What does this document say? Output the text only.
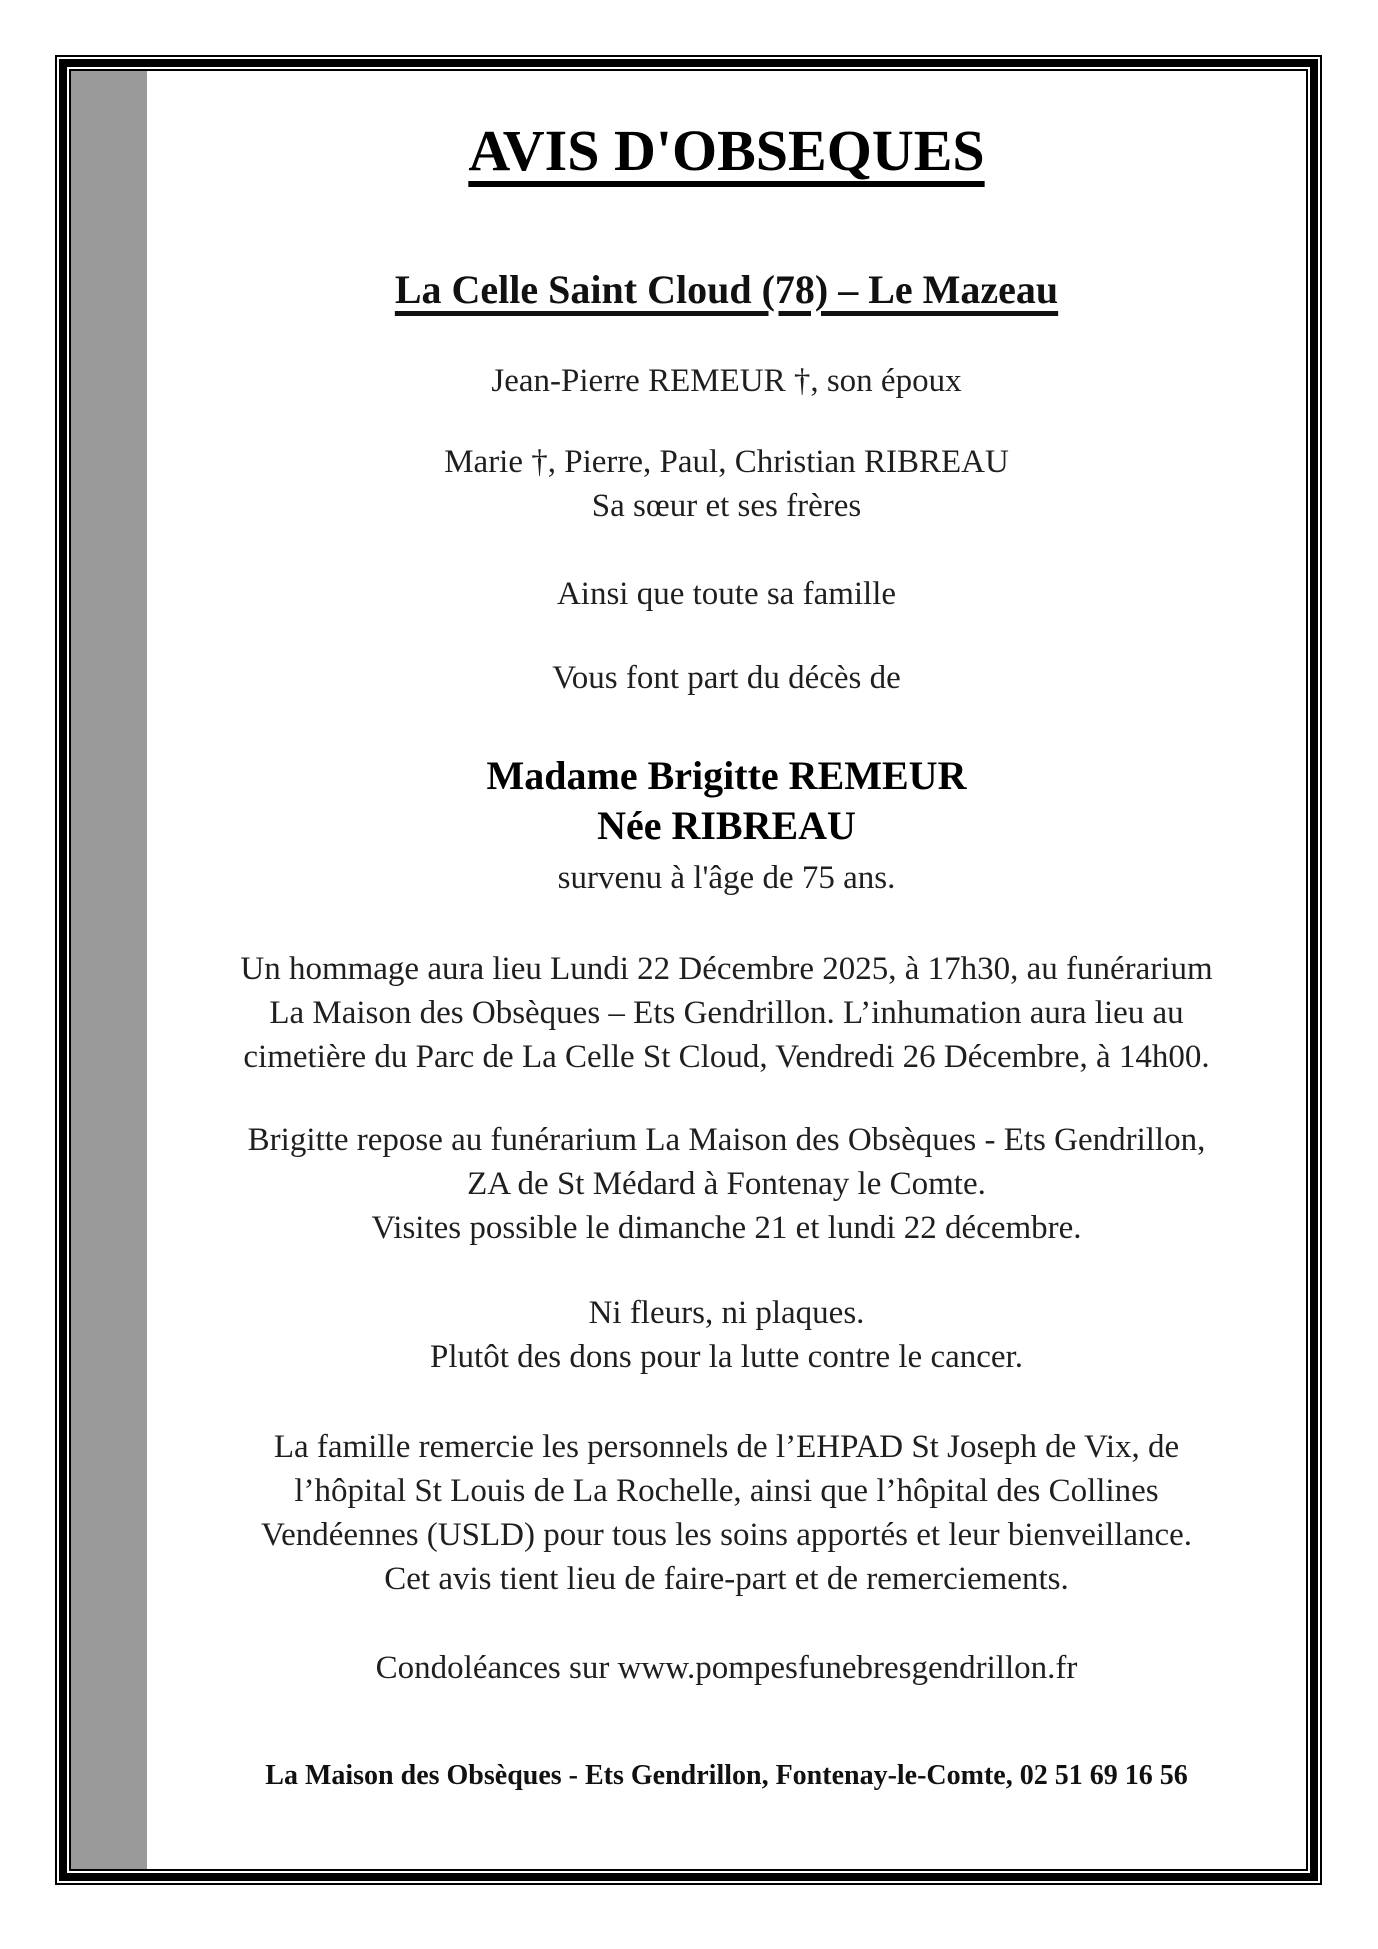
AVIS D'OBSEQUES
La Celle Saint Cloud (78) – Le Mazeau
Jean-Pierre REMEUR †, son époux
Marie †, Pierre, Paul, Christian RIBREAU
Sa sœur et ses frères
Ainsi que toute sa famille
Vous font part du décès de
Madame Brigitte REMEUR
Née RIBREAU
survenu à l'âge de 75 ans.
Un hommage aura lieu Lundi 22 Décembre 2025, à 17h30, au funérarium
La Maison des Obsèques – Ets Gendrillon. L’inhumation aura lieu au
cimetière du Parc de La Celle St Cloud, Vendredi 26 Décembre, à 14h00.
Brigitte repose au funérarium La Maison des Obsèques - Ets Gendrillon,
ZA de St Médard à Fontenay le Comte.
Visites possible le dimanche 21 et lundi 22 décembre.
Ni fleurs, ni plaques.
Plutôt des dons pour la lutte contre le cancer.
La famille remercie les personnels de l’EHPAD St Joseph de Vix, de
l’hôpital St Louis de La Rochelle, ainsi que l’hôpital des Collines
Vendéennes (USLD) pour tous les soins apportés et leur bienveillance.
Cet avis tient lieu de faire-part et de remerciements.
Condoléances sur www.pompesfunebresgendrillon.fr
La Maison des Obsèques - Ets Gendrillon, Fontenay-le-Comte, 02 51 69 16 56
